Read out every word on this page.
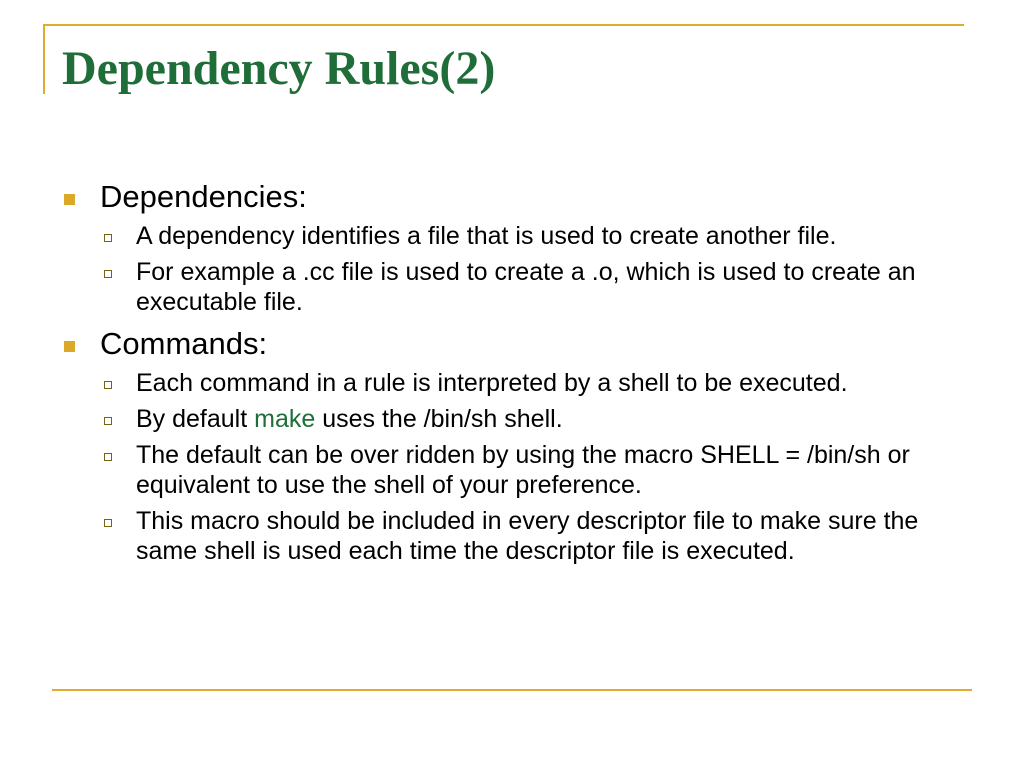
Dependency Rules(2)
Dependencies:
A dependency identifies a file that is used to create another file.
For example a .cc file is used to create a .o, which is used to create an executable file.
Commands:
Each command in a rule is interpreted by a shell to be executed.
By default make uses the /bin/sh shell.
The default can be over ridden by using the macro SHELL = /bin/sh or equivalent to use the shell of your preference.
This macro should be included in every descriptor file to make sure the same shell is used each time the descriptor file is executed.
